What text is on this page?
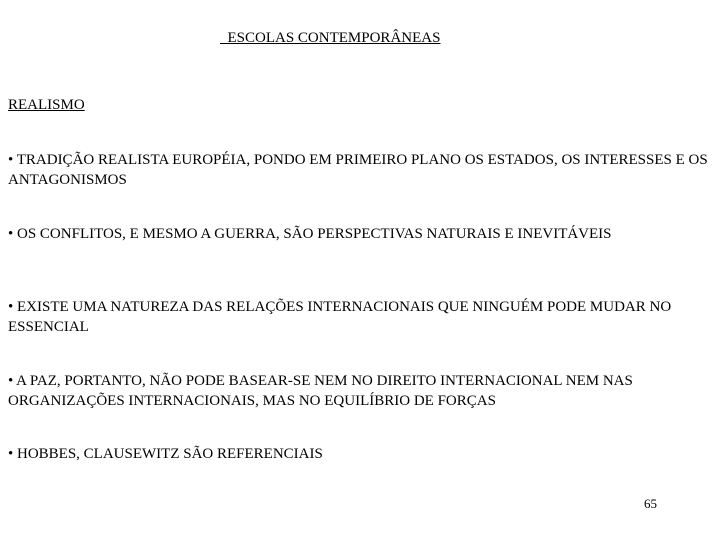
ESCOLAS CONTEMPORÂNEAS
REALISMO
• TRADIÇÃO REALISTA EUROPÉIA, PONDO EM PRIMEIRO PLANO OS ESTADOS, OS INTERESSES E OS ANTAGONISMOS
• OS CONFLITOS, E MESMO A GUERRA, SÃO PERSPECTIVAS NATURAIS E INEVITÁVEIS
• EXISTE UMA NATUREZA DAS RELAÇÕES INTERNACIONAIS QUE NINGUÉM PODE MUDAR NO ESSENCIAL
• A PAZ, PORTANTO, NÃO PODE BASEAR-SE NEM NO DIREITO INTERNACIONAL NEM NAS ORGANIZAÇÕES INTERNACIONAIS, MAS NO EQUILÍBRIO DE FORÇAS
• HOBBES, CLAUSEWITZ SÃO REFERENCIAIS
65
